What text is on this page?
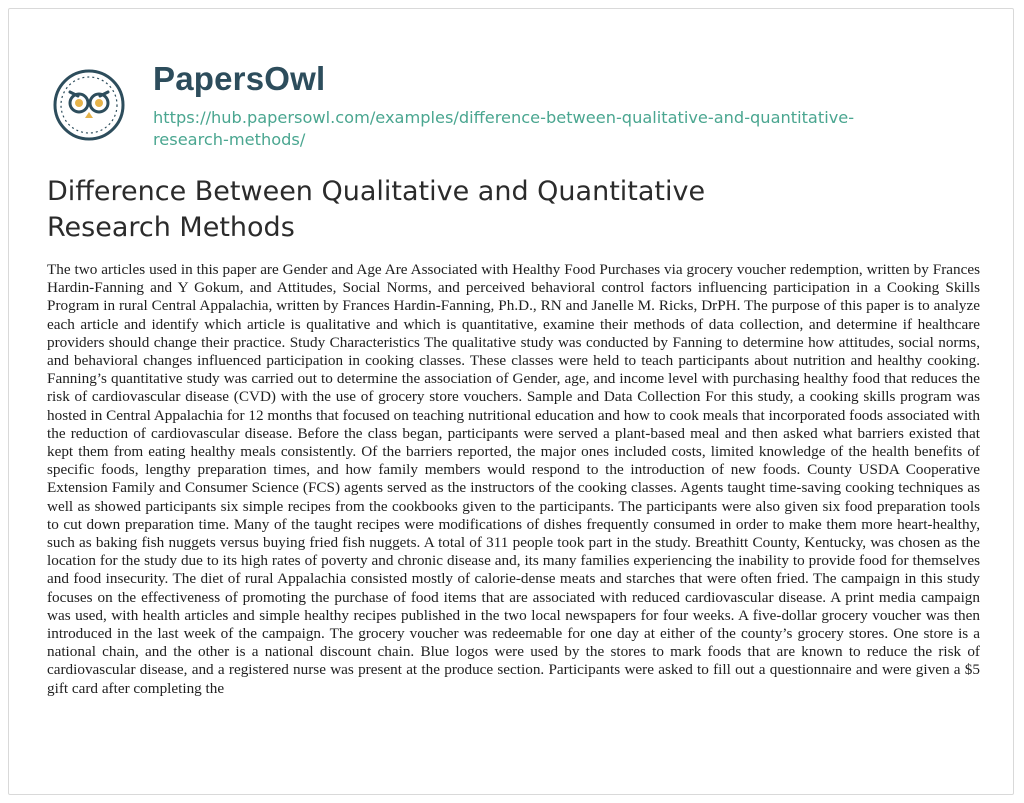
PapersOwl
https://hub.papersowl.com/examples/difference-between-qualitative-and-quantitative-research-methods/
Difference Between Qualitative and Quantitative Research Methods

The two articles used in this paper are Gender and Age Are Associated with Healthy Food Purchases via grocery voucher redemption, written by Frances Hardin-Fanning and Y Gokum, and Attitudes, Social Norms, and perceived behavioral control factors influencing participation in a Cooking Skills Program in rural Central Appalachia, written by Frances Hardin-Fanning, Ph.D., RN and Janelle M. Ricks, DrPH. The purpose of this paper is to analyze each article and identify which article is qualitative and which is quantitative, examine their methods of data collection, and determine if healthcare providers should change their practice. Study Characteristics The qualitative study was conducted by Fanning to determine how attitudes, social norms, and behavioral changes influenced participation in cooking classes. These classes were held to teach participants about nutrition and healthy cooking. Fanning’s quantitative study was carried out to determine the association of Gender, age, and income level with purchasing healthy food that reduces the risk of cardiovascular disease (CVD) with the use of grocery store vouchers. Sample and Data Collection For this study, a cooking skills program was hosted in Central Appalachia for 12 months that focused on teaching nutritional education and how to cook meals that incorporated foods associated with the reduction of cardiovascular disease. Before the class began, participants were served a plant-based meal and then asked what barriers existed that kept them from eating healthy meals consistently. Of the barriers reported, the major ones included costs, limited knowledge of the health benefits of specific foods, lengthy preparation times, and how family members would respond to the introduction of new foods. County USDA Cooperative Extension Family and Consumer Science (FCS) agents served as the instructors of the cooking classes. Agents taught time-saving cooking techniques as well as showed participants six simple recipes from the cookbooks given to the participants. The participants were also given six food preparation tools to cut down preparation time. Many of the taught recipes were modifications of dishes frequently consumed in order to make them more heart-healthy, such as baking fish nuggets versus buying fried fish nuggets. A total of 311 people took part in the study. Breathitt County, Kentucky, was chosen as the location for the study due to its high rates of poverty and chronic disease and, its many families experiencing the inability to provide food for themselves and food insecurity. The diet of rural Appalachia consisted mostly of calorie-dense meats and starches that were often fried. The campaign in this study focuses on the effectiveness of promoting the purchase of food items that are associated with reduced cardiovascular disease. A print media campaign was used, with health articles and simple healthy recipes published in the two local newspapers for four weeks. A five-dollar grocery voucher was then introduced in the last week of the campaign. The grocery voucher was redeemable for one day at either of the county’s grocery stores. One store is a national chain, and the other is a national discount chain. Blue logos were used by the stores to mark foods that are known to reduce the risk of cardiovascular disease, and a registered nurse was present at the produce section. Participants were asked to fill out a questionnaire and were given a $5 gift card after completing the
